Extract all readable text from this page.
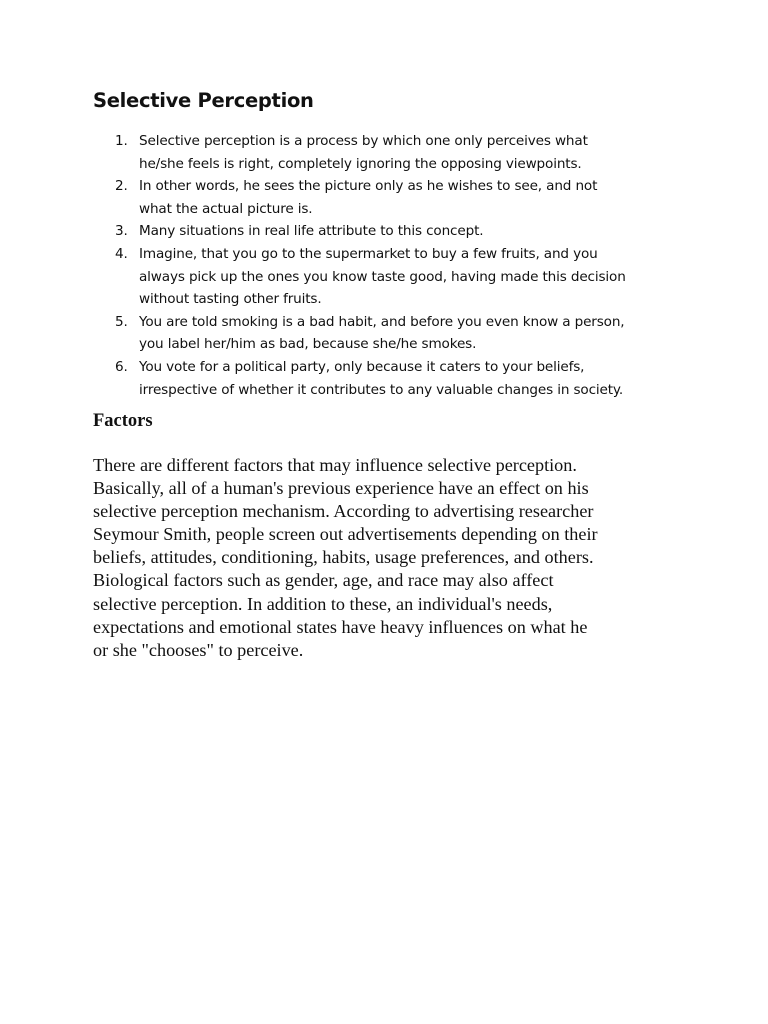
Selective Perception
1. Selective perception is a process by which one only perceives what
he/she feels is right, completely ignoring the opposing viewpoints.
2. In other words, he sees the picture only as he wishes to see, and not
what the actual picture is.
3. Many situations in real life attribute to this concept.
4. Imagine, that you go to the supermarket to buy a few fruits, and you
always pick up the ones you know taste good, having made this decision
without tasting other fruits.
5. You are told smoking is a bad habit, and before you even know a person,
you label her/him as bad, because she/he smokes.
6. You vote for a political party, only because it caters to your beliefs,
irrespective of whether it contributes to any valuable changes in society.
Factors

There are different factors that may influence selective perception.
Basically, all of a human's previous experience have an effect on his
selective perception mechanism. According to advertising researcher
Seymour Smith, people screen out advertisements depending on their
beliefs, attitudes, conditioning, habits, usage preferences, and others.
Biological factors such as gender, age, and race may also affect
selective perception. In addition to these, an individual's needs,
expectations and emotional states have heavy influences on what he
or she "chooses" to perceive.
